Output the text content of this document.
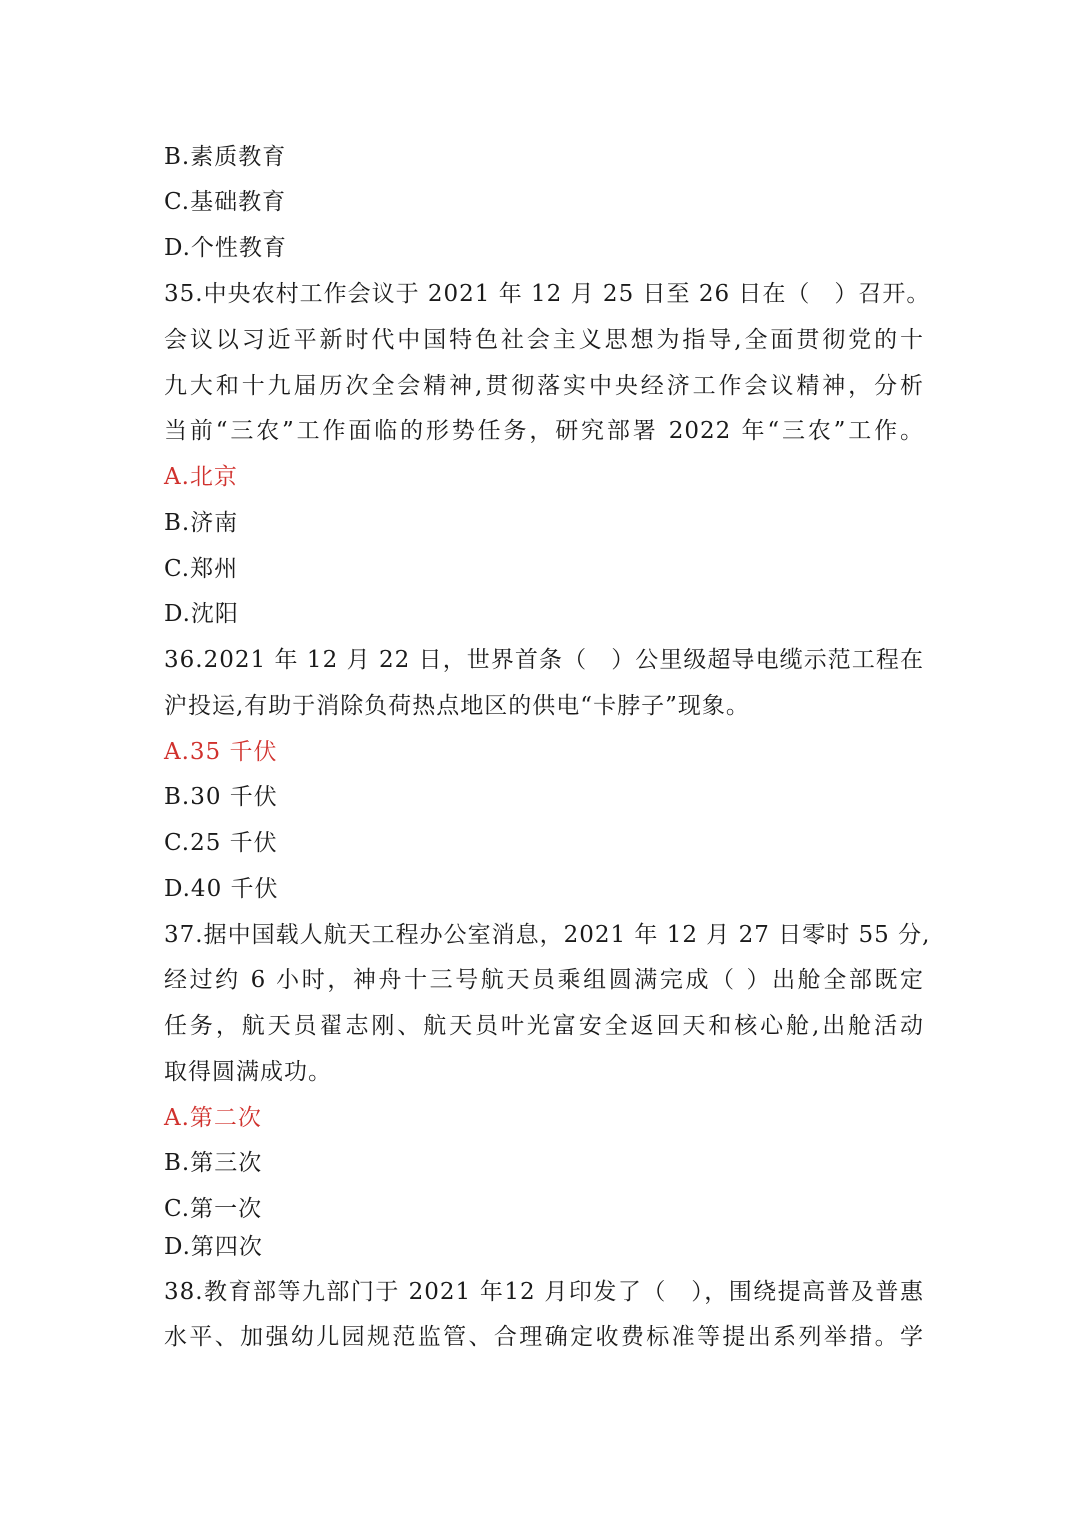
B.素质教育
C.基础教育
D.个性教育
35.中央农村工作会议于 2021 年 12 月 25 日至 26 日在（　）召开。
会议以习近平新时代中国特色社会主义思想为指导,全面贯彻党的十
九大和十九届历次全会精神,贯彻落实中央经济工作会议精神，分析
当前“三农”工作面临的形势任务，研究部署 2022 年“三农”工作。
A.北京
B.济南
C.郑州
D.沈阳
36.2021 年 12 月 22 日，世界首条（　）公里级超导电缆示范工程在
沪投运,有助于消除负荷热点地区的供电“卡脖子”现象。
A.35 千伏
B.30 千伏
C.25 千伏
D.40 千伏
37.据中国载人航天工程办公室消息，2021 年 12 月 27 日零时 55 分,
经过约 6 小时，神舟十三号航天员乘组圆满完成（ ）出舱全部既定
任务，航天员翟志刚、航天员叶光富安全返回天和核心舱,出舱活动
取得圆满成功。
A.第二次
B.第三次
C.第一次
D.第四次
38.教育部等九部门于 2021 年12 月印发了（　），围绕提高普及普惠
水平、加强幼儿园规范监管、合理确定收费标准等提出系列举措。学
